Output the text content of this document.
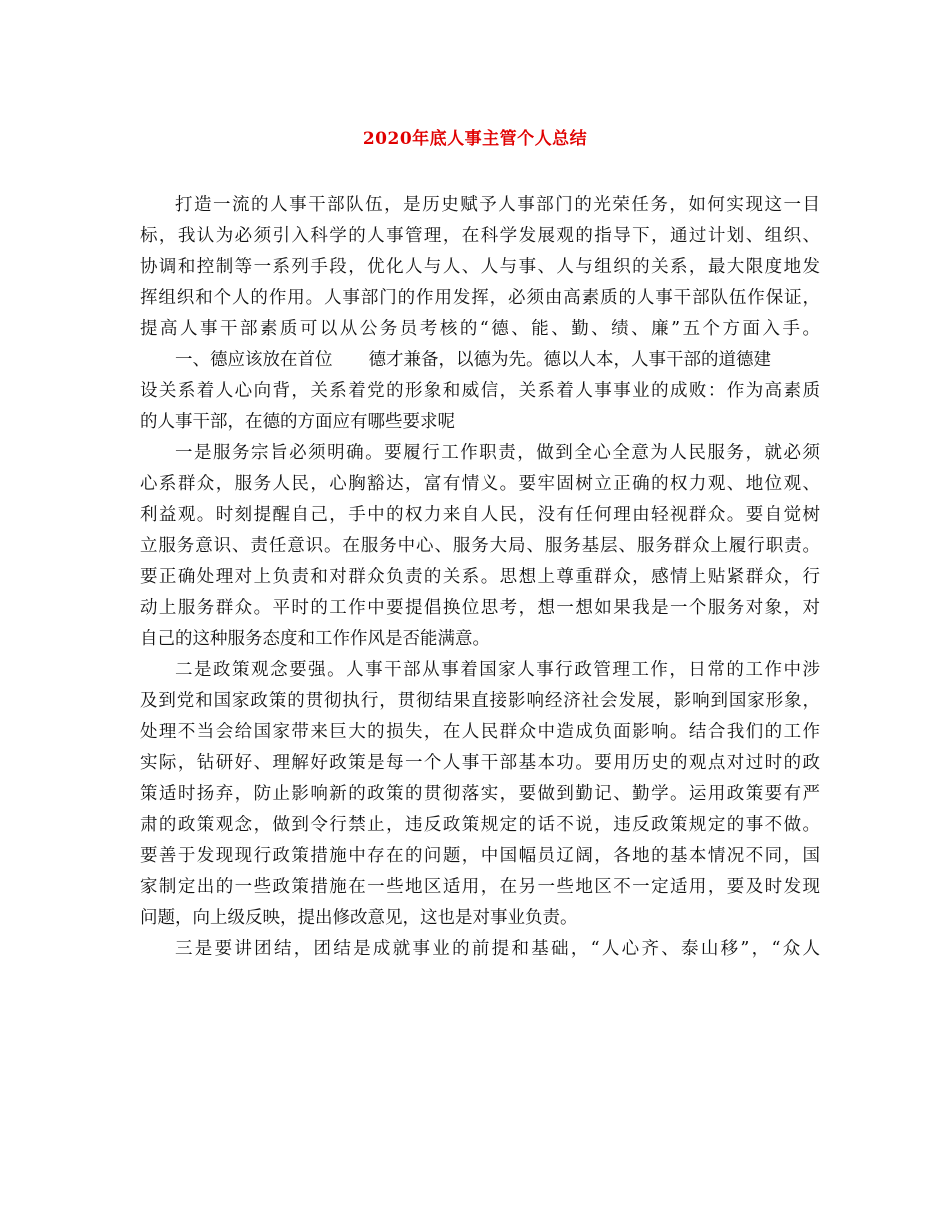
2020年底人事主管个人总结
打造一流的人事干部队伍，是历史赋予人事部门的光荣任务，如何实现这一目
标，我认为必须引入科学的人事管理，在科学发展观的指导下，通过计划、组织、
协调和控制等一系列手段，优化人与人、人与事、人与组织的关系，最大限度地发
挥组织和个人的作用。人事部门的作用发挥，必须由高素质的人事干部队伍作保证，
提高人事干部素质可以从公务员考核的“德、能、勤、绩、廉”五个方面入手。
一、德应该放在首位 德才兼备，以德为先。德以人本，人事干部的道德建
设关系着人心向背，关系着党的形象和威信，关系着人事事业的成败：作为高素质
的人事干部，在德的方面应有哪些要求呢
一是服务宗旨必须明确。要履行工作职责，做到全心全意为人民服务，就必须
心系群众，服务人民，心胸豁达，富有情义。要牢固树立正确的权力观、地位观、
利益观。时刻提醒自己，手中的权力来自人民，没有任何理由轻视群众。要自觉树
立服务意识、责任意识。在服务中心、服务大局、服务基层、服务群众上履行职责。
要正确处理对上负责和对群众负责的关系。思想上尊重群众，感情上贴紧群众，行
动上服务群众。平时的工作中要提倡换位思考，想一想如果我是一个服务对象，对
自己的这种服务态度和工作作风是否能满意。
二是政策观念要强。人事干部从事着国家人事行政管理工作，日常的工作中涉
及到党和国家政策的贯彻执行，贯彻结果直接影响经济社会发展，影响到国家形象，
处理不当会给国家带来巨大的损失，在人民群众中造成负面影响。结合我们的工作
实际，钻研好、理解好政策是每一个人事干部基本功。要用历史的观点对过时的政
策适时扬弃，防止影响新的政策的贯彻落实，要做到勤记、勤学。运用政策要有严
肃的政策观念，做到令行禁止，违反政策规定的话不说，违反政策规定的事不做。
要善于发现现行政策措施中存在的问题，中国幅员辽阔，各地的基本情况不同，国
家制定出的一些政策措施在一些地区适用，在另一些地区不一定适用，要及时发现
问题，向上级反映，提出修改意见，这也是对事业负责。
三是要讲团结，团结是成就事业的前提和基础，“人心齐、泰山移”，“众人
